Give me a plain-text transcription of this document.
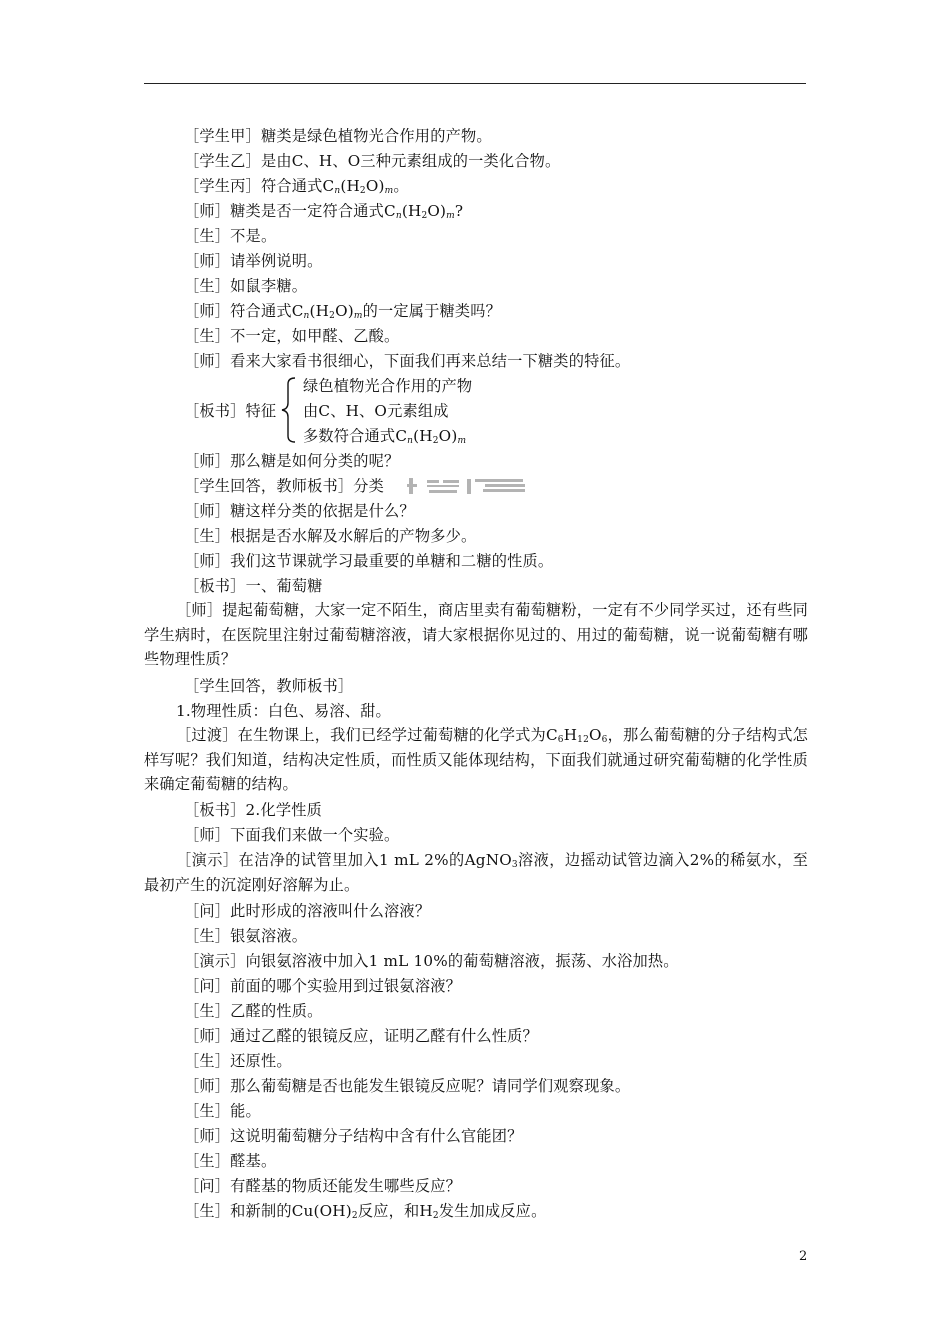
［学生甲］糖类是绿色植物光合作用的产物。
［学生乙］是由C、H、O三种元素组成的一类化合物。
［学生丙］符合通式$C_n(H_2O)_m$。
［师］糖类是否一定符合通式$C_n(H_2O)_m$?
［生］不是。
［师］请举例说明。
［生］如鼠李糖。
［师］符合通式$C_n(H_2O)_m$的一定属于糖类吗？
［生］不一定，如甲醛、乙酸。
［师］看来大家看书很细心，下面我们再来总结一下糖类的特征。
［板书］特征
绿色植物光合作用的产物
由C、H、O元素组成
多数符合通式$C_n(H_2O)_m$
［师］那么糖是如何分类的呢？
［学生回答，教师板书］分类
［师］糖这样分类的依据是什么？
［生］根据是否水解及水解后的产物多少。
［师］我们这节课就学习最重要的单糖和二糖的性质。
［板书］一、葡萄糖
［师］提起葡萄糖，大家一定不陌生，商店里卖有葡萄糖粉，一定有不少同学买过，还有些同学生病时，在医院里注射过葡萄糖溶液，请大家根据你见过的、用过的葡萄糖，说一说葡萄糖有哪些物理性质？
［学生回答，教师板书］
1.物理性质：白色、易溶、甜。
［过渡］在生物课上，我们已经学过葡萄糖的化学式为$C_6H_{12}O_6$，那么葡萄糖的分子结构式怎样写呢？我们知道，结构决定性质，而性质又能体现结构，下面我们就通过研究葡萄糖的化学性质来确定葡萄糖的结构。
［板书］2.化学性质
［师］下面我们来做一个实验。
［演示］在洁净的试管里加入1 mL 2%的AgNO$_3$溶液，边摇动试管边滴入2%的稀氨水，至最初产生的沉淀刚好溶解为止。
［问］此时形成的溶液叫什么溶液？
［生］银氨溶液。
［演示］向银氨溶液中加入1 mL 10%的葡萄糖溶液，振荡、水浴加热。
［问］前面的哪个实验用到过银氨溶液？
［生］乙醛的性质。
［师］通过乙醛的银镜反应，证明乙醛有什么性质？
［生］还原性。
［师］那么葡萄糖是否也能发生银镜反应呢？请同学们观察现象。
［生］能。
［师］这说明葡萄糖分子结构中含有什么官能团？
［生］醛基。
［问］有醛基的物质还能发生哪些反应？
［生］和新制的$Cu(OH)_2$反应，和$H_2$发生加成反应。
2
